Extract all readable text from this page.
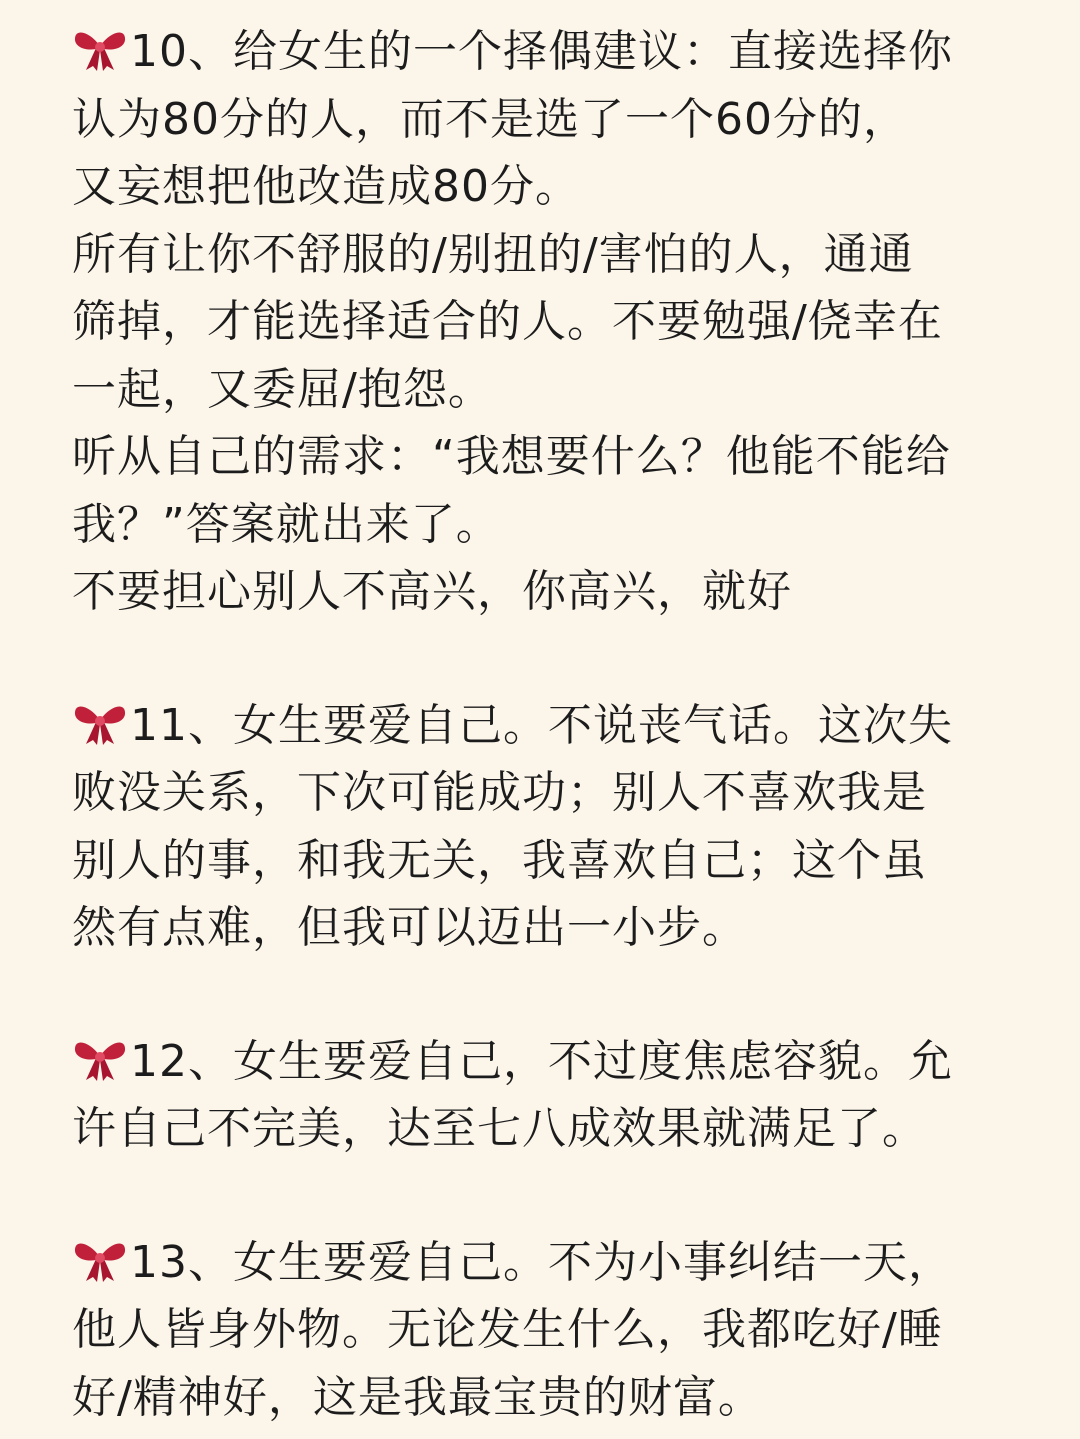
10、给女生的一个择偶建议：直接选择你
认为80分的人，而不是选了一个60分的，
又妄想把他改造成80分。
所有让你不舒服的/别扭的/害怕的人，通通
筛掉，才能选择适合的人。不要勉强/侥幸在
一起，又委屈/抱怨。
听从自己的需求：“我想要什么？他能不能给
我？”答案就出来了。
不要担心别人不高兴，你高兴，就好
11、女生要爱自己。不说丧气话。这次失
败没关系，下次可能成功；别人不喜欢我是
别人的事，和我无关，我喜欢自己；这个虽
然有点难，但我可以迈出一小步。
12、女生要爱自己，不过度焦虑容貌。允
许自己不完美，达至七八成效果就满足了。
13、女生要爱自己。不为小事纠结一天，
他人皆身外物。无论发生什么，我都吃好/睡
好/精神好，这是我最宝贵的财富。
